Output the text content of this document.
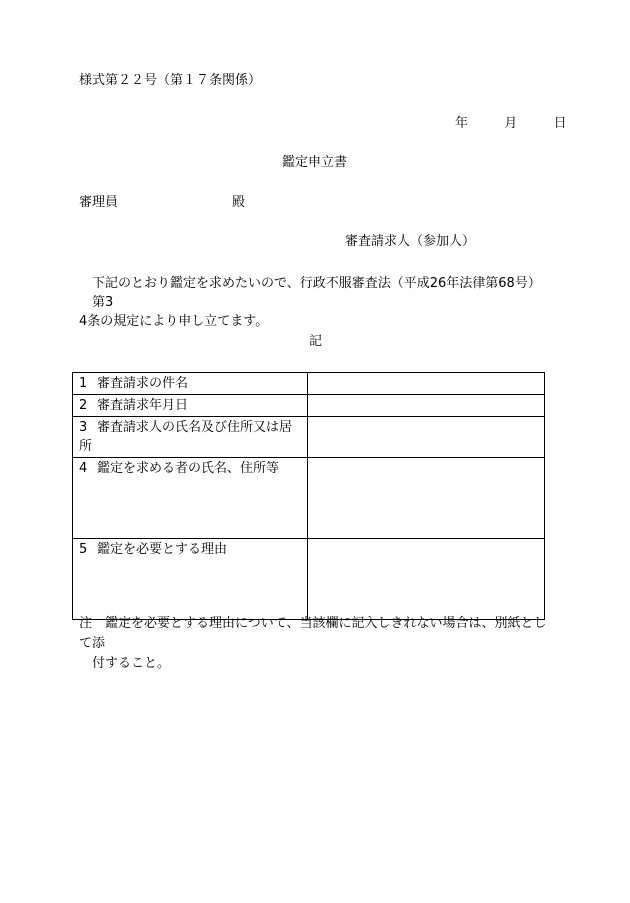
様式第２２号（第１７条関係）
年	月	日
鑑定申立書
審理員	殿
審査請求人（参加人）

下記のとおり鑑定を求めたいので、行政不服審査法（平成26年法律第68号）第3

4条の規定により申し立てます。

記
1 審査請求の件名	
2 審査請求年月日	
3 審査請求人の氏名及び住所又は居所	
4 鑑定を求める者の氏名、住所等	
5 鑑定を必要とする理由	

注　鑑定を必要とする理由について、当該欄に記入しきれない場合は、別紙として添

付すること。
